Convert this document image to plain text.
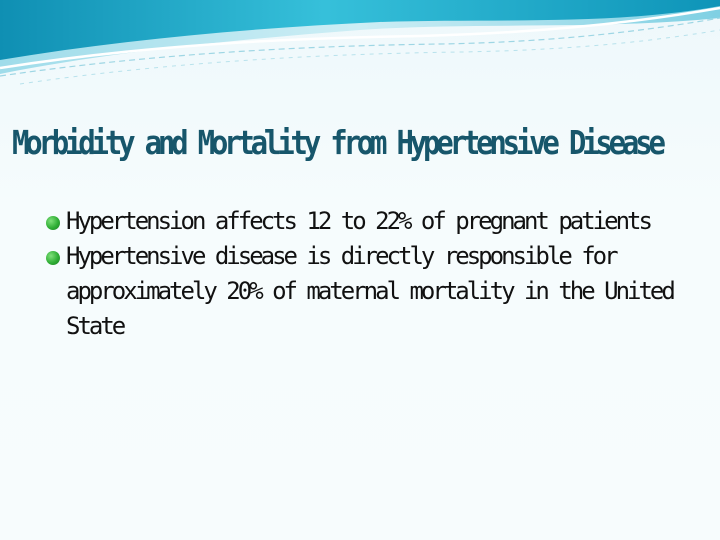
Morbidity and Mortality from Hypertensive Disease
Hypertension affects 12 to 22% of pregnant patients
Hypertensive disease is directly responsible for approximately 20% of maternal mortality in the United State
